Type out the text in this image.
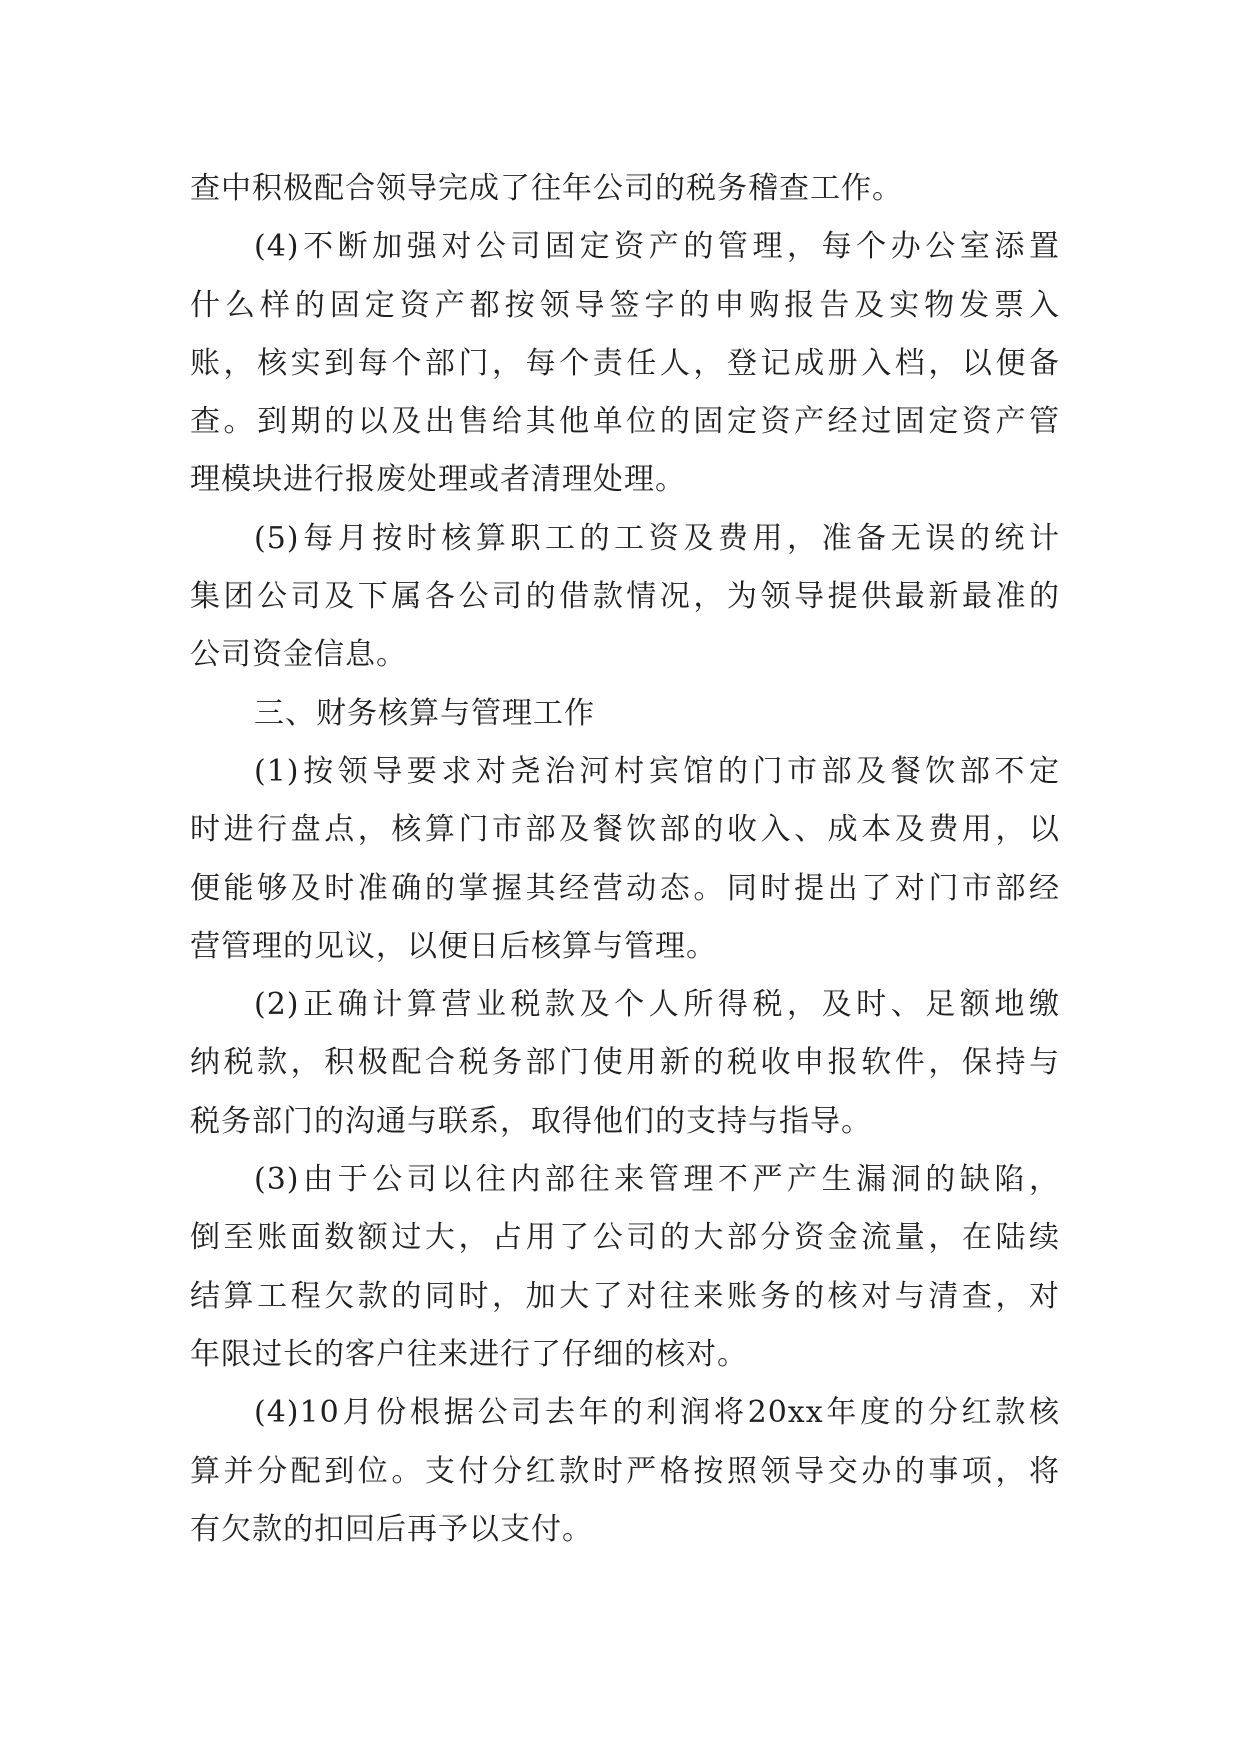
查中积极配合领导完成了往年公司的税务稽查工作。
(4)不断加强对公司固定资产的管理，每个办公室添置
什么样的固定资产都按领导签字的申购报告及实物发票入
账，核实到每个部门，每个责任人，登记成册入档，以便备
查。到期的以及出售给其他单位的固定资产经过固定资产管
理模块进行报废处理或者清理处理。
(5)每月按时核算职工的工资及费用，准备无误的统计
集团公司及下属各公司的借款情况，为领导提供最新最准的
公司资金信息。
三、财务核算与管理工作
(1)按领导要求对尧治河村宾馆的门市部及餐饮部不定
时进行盘点，核算门市部及餐饮部的收入、成本及费用，以
便能够及时准确的掌握其经营动态。同时提出了对门市部经
营管理的见议，以便日后核算与管理。
(2)正确计算营业税款及个人所得税，及时、足额地缴
纳税款，积极配合税务部门使用新的税收申报软件，保持与
税务部门的沟通与联系，取得他们的支持与指导。
(3)由于公司以往内部往来管理不严产生漏洞的缺陷，
倒至账面数额过大，占用了公司的大部分资金流量，在陆续
结算工程欠款的同时，加大了对往来账务的核对与清查，对
年限过长的客户往来进行了仔细的核对。
(4)10月份根据公司去年的利润将20xx年度的分红款核
算并分配到位。支付分红款时严格按照领导交办的事项，将
有欠款的扣回后再予以支付。
